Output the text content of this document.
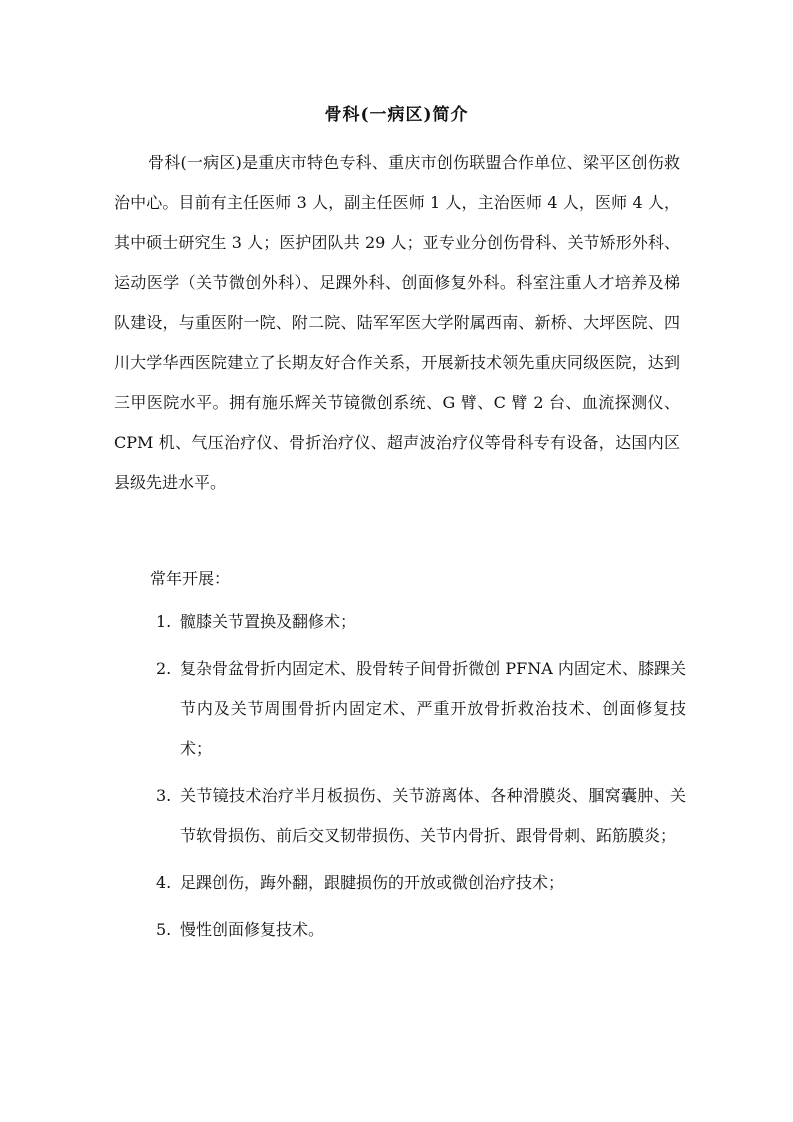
骨科(一病区)简介

骨科(一病区)是重庆市特色专科、重庆市创伤联盟合作单位、梁平区创伤救治中心。目前有主任医师 3 人，副主任医师 1 人，主治医师 4 人，医师 4 人，其中硕士研究生 3 人；医护团队共 29 人；亚专业分创伤骨科、关节矫形外科、运动医学（关节微创外科）、足踝外科、创面修复外科。科室注重人才培养及梯队建设，与重医附一院、附二院、陆军军医大学附属西南、新桥、大坪医院、四川大学华西医院建立了长期友好合作关系，开展新技术领先重庆同级医院，达到三甲医院水平。拥有施乐辉关节镜微创系统、G 臂、C 臂 2 台、血流探测仪、CPM 机、气压治疗仪、骨折治疗仪、超声波治疗仪等骨科专有设备，达国内区县级先进水平。

常年开展：

1. 髋膝关节置换及翻修术；
2. 复杂骨盆骨折内固定术、股骨转子间骨折微创 PFNA 内固定术、膝踝关节内及关节周围骨折内固定术、严重开放骨折救治技术、创面修复技术；
3. 关节镜技术治疗半月板损伤、关节游离体、各种滑膜炎、腘窝囊肿、关节软骨损伤、前后交叉韧带损伤、关节内骨折、跟骨骨刺、跖筋膜炎；
4. 足踝创伤，踇外翻，跟腱损伤的开放或微创治疗技术；
5. 慢性创面修复技术。
